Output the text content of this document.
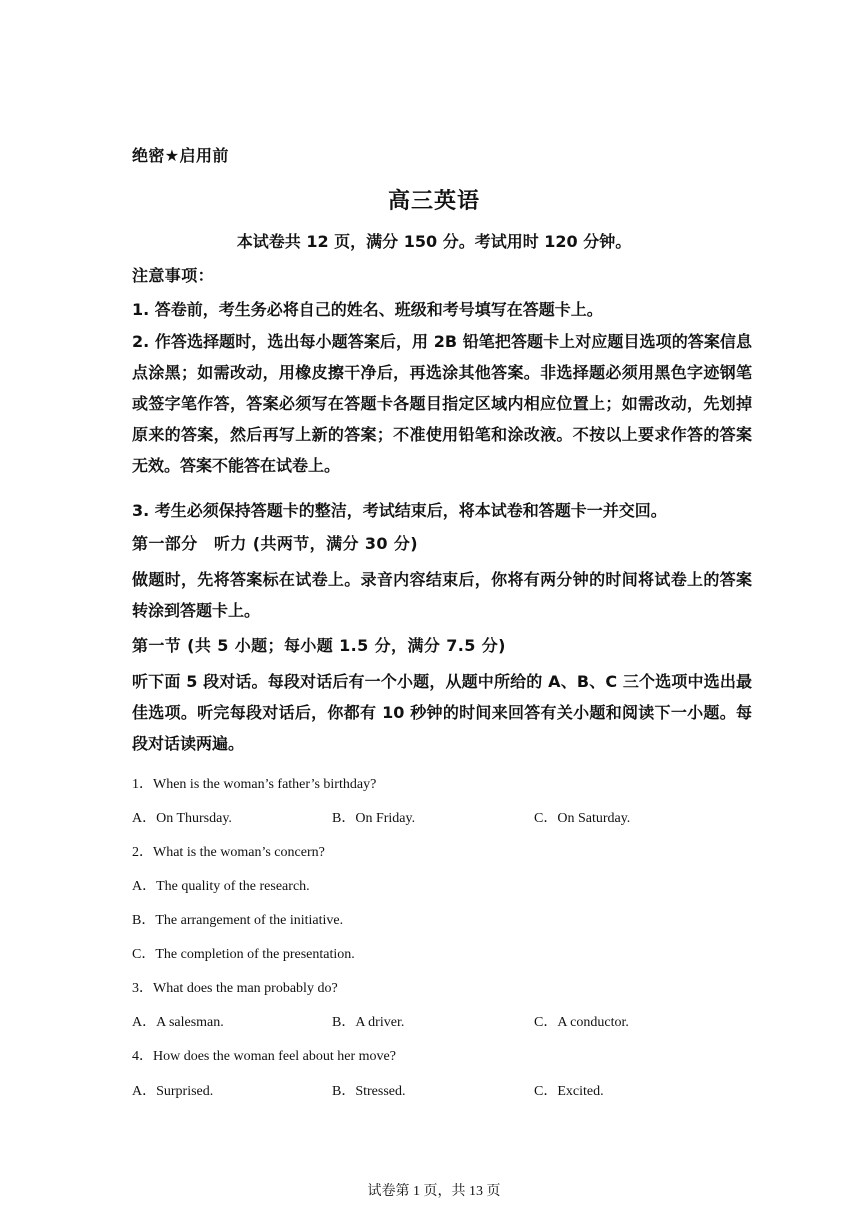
绝密★启用前
高三英语
本试卷共 12 页，满分 150 分。考试用时 120 分钟。
注意事项：
1. 答卷前，考生务必将自己的姓名、班级和考号填写在答题卡上。
2. 作答选择题时，选出每小题答案后，用 2B 铅笔把答题卡上对应题目选项的答案信息点涂黑；如需改动，用橡皮擦干净后，再选涂其他答案。非选择题必须用黑色字迹钢笔或签字笔作答，答案必须写在答题卡各题目指定区域内相应位置上；如需改动，先划掉原来的答案，然后再写上新的答案；不准使用铅笔和涂改液。不按以上要求作答的答案无效。答案不能答在试卷上。
3. 考生必须保持答题卡的整洁，考试结束后，将本试卷和答题卡一并交回。
第一部分　听力 (共两节，满分 30 分)
做题时，先将答案标在试卷上。录音内容结束后，你将有两分钟的时间将试卷上的答案转涂到答题卡上。
第一节 (共 5 小题；每小题 1.5 分，满分 7.5 分)
听下面 5 段对话。每段对话后有一个小题，从题中所给的 A、B、C 三个选项中选出最佳选项。听完每段对话后，你都有 10 秒钟的时间来回答有关小题和阅读下一小题。每段对话读两遍。
1．When is the woman’s father’s birthday?
A．On Thursday.	B．On Friday.	C．On Saturday.
2．What is the woman’s concern?
A．The quality of the research.
B．The arrangement of the initiative.
C．The completion of the presentation.
3．What does the man probably do?
A．A salesman.	B．A driver.	C．A conductor.
4．How does the woman feel about her move?
A．Surprised.	B．Stressed.	C．Excited.
试卷第 1 页，共 13 页
